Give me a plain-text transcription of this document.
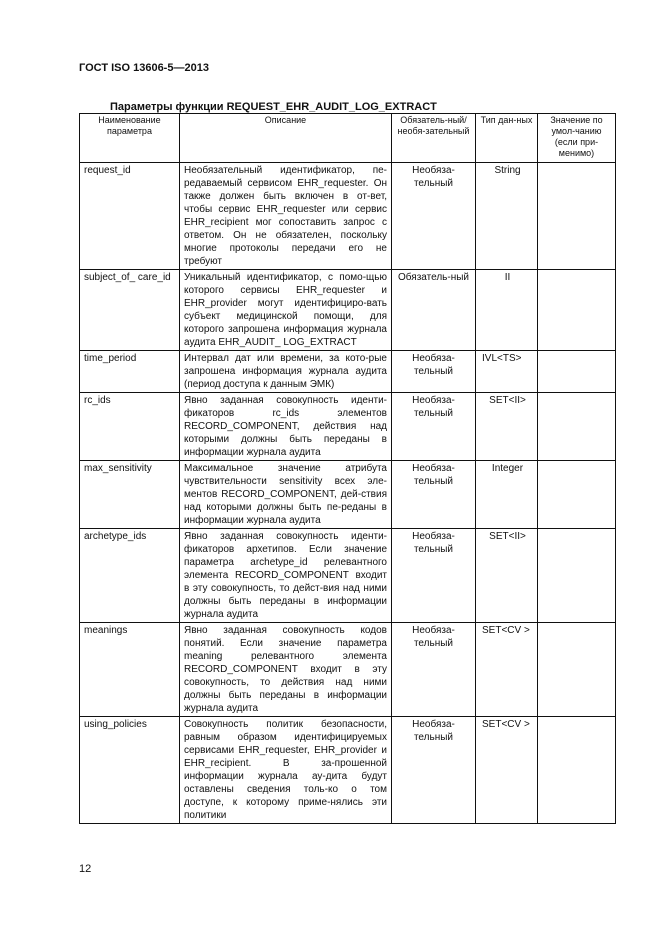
ГОСТ ISO 13606-5—2013
Параметры функции REQUEST_EHR_AUDIT_LOG_EXTRACT
Наименование параметра	Описание	Обязатель-ный/необя-зательный	Тип дан-ных	Значение по умол-чанию (если при-менимо)
request_id	Необязательный идентификатор, пе-редаваемый сервисом EHR_requester. Он также должен быть включен в от-вет, чтобы сервис EHR_requester или сервис EHR_recipient мог сопоставить запрос с ответом. Он не обязателен, поскольку многие протоколы передачи его не требуют	Необяза-тельный	String	
subject_of_ care_id	Уникальный идентификатор, с помо-щью которого сервисы EHR_requester и EHR_provider могут идентифициро-вать субъект медицинской помощи, для которого запрошена информация журнала аудита EHR_AUDIT_ LOG_EXTRACT	Обязатель-ный	II	
time_period	Интервал дат или времени, за кото-рые запрошена информация журнала аудита (период доступа к данным ЭМК)	Необяза-тельный	IVL<TS>	
rc_ids	Явно заданная совокупность иденти-фикаторов rc_ids элементов RECORD_COMPONENT, действия над которыми должны быть переданы в информации журнала аудита	Необяза-тельный	SET<II>	
max_sensitivity	Максимальное значение атрибута чувствительности sensitivity всех эле-ментов RECORD_COMPONENT, дей-ствия над которыми должны быть пе-реданы в информации журнала аудита	Необяза-тельный	Integer	
archetype_ids	Явно заданная совокупность иденти-фикаторов архетипов. Если значение параметра archetype_id релевантного элемента RECORD_COMPONENT входит в эту совокупность, то дейст-вия над ними должны быть переданы в информации журнала аудита	Необяза-тельный	SET<II>	
meanings	Явно заданная совокупность кодов понятий. Если значение параметра meaning релевантного элемента RECORD_COMPONENT входит в эту совокупность, то действия над ними должны быть переданы в информации журнала аудита	Необяза-тельный	SET<CV >	
using_policies	Совокупность политик безопасности, равным образом идентифицируемых сервисами EHR_requester, EHR_provider и EHR_recipient. В за-прошенной информации журнала ау-дита будут оставлены сведения толь-ко о том доступе, к которому приме-нялись эти политики	Необяза-тельный	SET<CV >	
12
